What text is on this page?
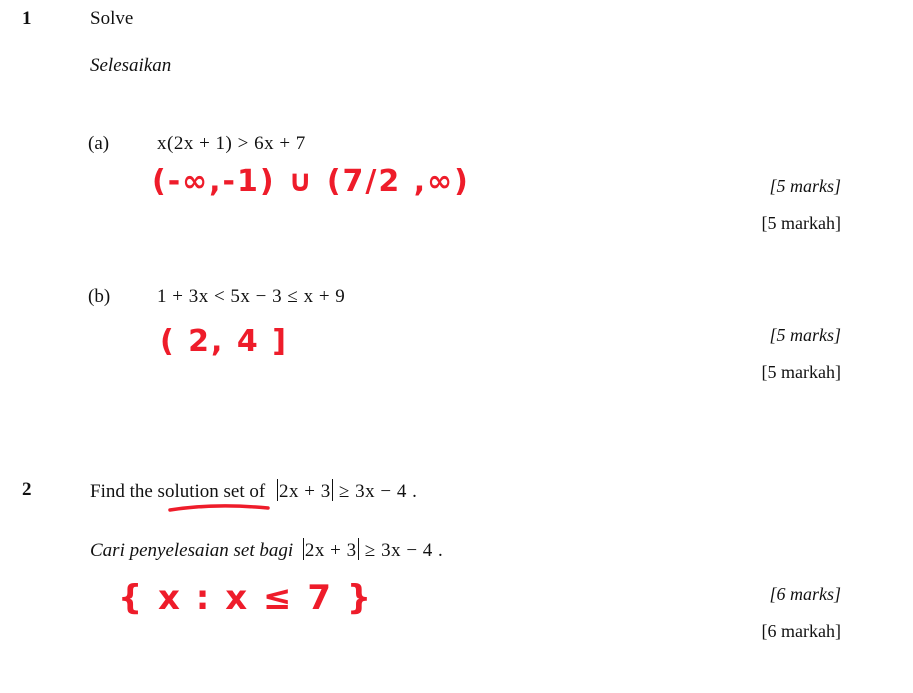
1	Solve
Selesaikan
(a)	x(2x + 1) > 6x + 7
(-∞,-1) ∪ (7/2 ,∞)	[5 marks]
[5 markah]
(b) 1 + 3x < 5x − 3 ≤ x + 9
( 2, 4 ]	[5 marks]
[5 markah]
2	Find the solution set of 2x + 3 ≥ 3x − 4 .
Cari penyelesaian set bagi 2x + 3 ≥ 3x − 4 .
{ x : x ≤ 7 }	[6 marks]
[6 markah]
